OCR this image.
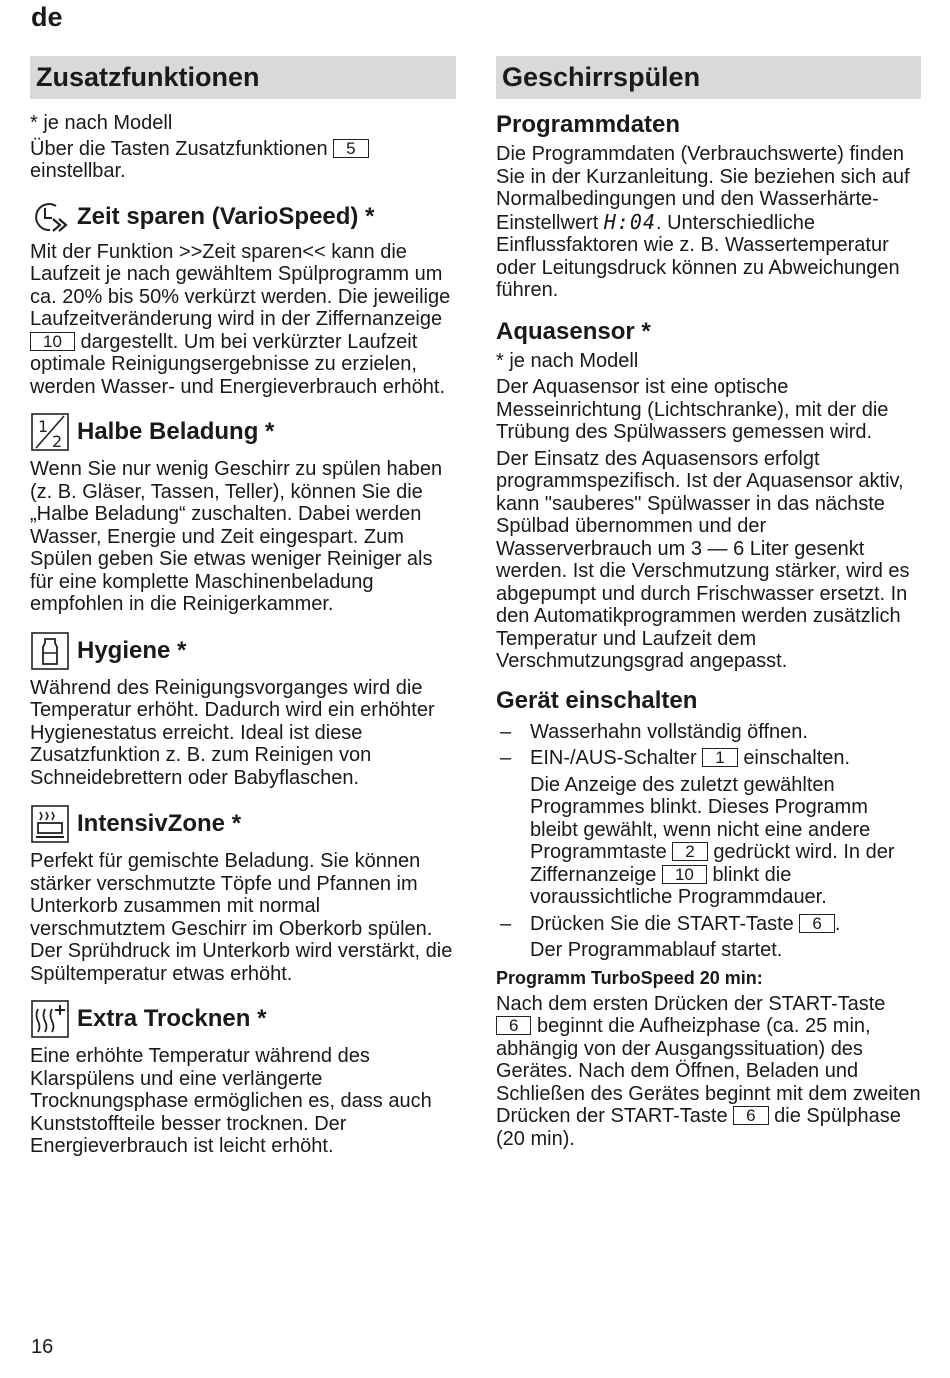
de
Zusatzfunktionen

* je nach Modell

Über die Tasten Zusatzfunktionen 5 einstellbar.

Zeit sparen (VarioSpeed) *

Mit der Funktion >>Zeit sparen<< kann die Laufzeit je nach gewähltem Spülprogramm um ca. 20% bis 50% verkürzt werden. Die jeweilige Laufzeitveränderung wird in der Ziffernanzeige 10 dargestellt. Um bei verkürzter Laufzeit optimale Reinigungsergebnisse zu erzielen, werden Wasser- und Energieverbrauch erhöht.

1
2 Halbe Beladung *

Wenn Sie nur wenig Geschirr zu spülen haben (z. B. Gläser, Tassen, Teller), können Sie die „Halbe Beladung“ zuschalten. Dabei werden Wasser, Energie und Zeit eingespart. Zum Spülen geben Sie etwas weniger Reiniger als für eine komplette Maschinenbeladung empfohlen in die Reinigerkammer.

Hygiene *

Während des Reinigungsvorganges wird die Temperatur erhöht. Dadurch wird ein erhöhter Hygienestatus erreicht. Ideal ist diese Zusatzfunktion z. B. zum Reinigen von Schneidebrettern oder Babyflaschen.

IntensivZone *

Perfekt für gemischte Beladung. Sie können stärker verschmutzte Töpfe und Pfannen im Unterkorb zusammen mit normal verschmutztem Geschirr im Oberkorb spülen. Der Sprühdruck im Unterkorb wird verstärkt, die Spültemperatur etwas erhöht.

Extra Trocknen *

Eine erhöhte Temperatur während des Klarspülens und eine verlängerte Trocknungsphase ermöglichen es, dass auch Kunststoffteile besser trocknen. Der Energieverbrauch ist leicht erhöht.

Geschirrspülen
Programmdaten

Die Programmdaten (Verbrauchswerte) finden Sie in der Kurzanleitung. Sie beziehen sich auf Normalbedingungen und den Wasserhärte-Einstellwert H:04. Unterschiedliche Einflussfaktoren wie z. B. Wassertemperatur oder Leitungsdruck können zu Abweichungen führen.

Aquasensor *

* je nach Modell

Der Aquasensor ist eine optische Messeinrichtung (Lichtschranke), mit der die Trübung des Spülwassers gemessen wird.

Der Einsatz des Aquasensors erfolgt programmspezifisch. Ist der Aquasensor aktiv, kann "sauberes" Spülwasser in das nächste Spülbad übernommen und der Wasserverbrauch um 3 — 6 Liter gesenkt werden. Ist die Verschmutzung stärker, wird es abgepumpt und durch Frischwasser ersetzt. In den Automatikprogrammen werden zusätzlich Temperatur und Laufzeit dem Verschmutzungsgrad angepasst.

Gerät einschalten

– Wasserhahn vollständig öffnen.

– EIN-/AUS-Schalter 1 einschalten.

Die Anzeige des zuletzt gewählten Programmes blinkt. Dieses Programm bleibt gewählt, wenn nicht eine andere Programmtaste 2 gedrückt wird. In der Ziffernanzeige 10 blinkt die voraussichtliche Programmdauer.

– Drücken Sie die START-Taste 6 .

Der Programmablauf startet.

Programm TurboSpeed 20 min:

Nach dem ersten Drücken der START-Taste 6 beginnt die Aufheizphase (ca. 25 min, abhängig von der Ausgangssituation) des Gerätes. Nach dem Öffnen, Beladen und Schließen des Gerätes beginnt mit dem zweiten Drücken der START-Taste 6 die Spülphase (20 min).

16
